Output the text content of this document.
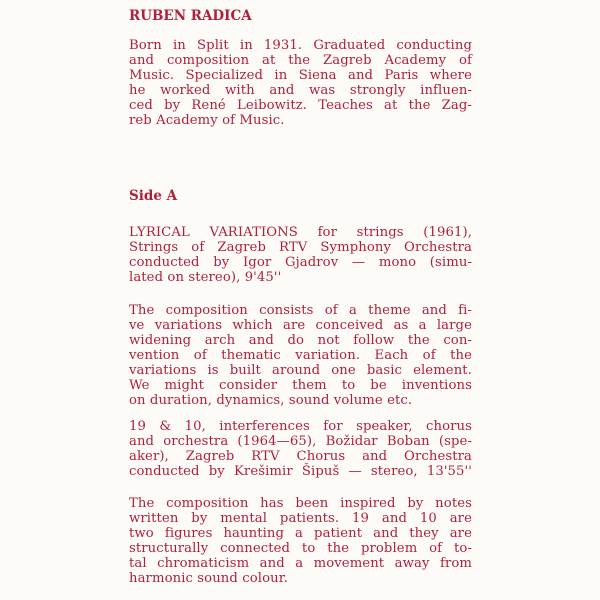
RUBEN RADICA

Born in Split in 1931. Graduated conducting
and composition at the Zagreb Academy of
Music. Specialized in Siena and Paris where
he worked with and was strongly influen-
ced by René Leibowitz. Teaches at the Zag-
reb Academy of Music.

Side A

LYRICAL VARIATIONS for strings (1961),
Strings of Zagreb RTV Symphony Orchestra
conducted by Igor Gjadrov — mono (simu-
lated on stereo), 9'45''

The composition consists of a theme and fi-
ve variations which are conceived as a large
widening arch and do not follow the con-
vention of thematic variation. Each of the
variations is built around one basic element.
We might consider them to be inventions
on duration, dynamics, sound volume etc.

19 & 10, interferences for speaker, chorus
and orchestra (1964—65), Božidar Boban (spe-
aker), Zagreb RTV Chorus and Orchestra
conducted by Krešimir Šipuš — stereo, 13'55''

The composition has been inspired by notes
written by mental patients. 19 and 10 are
two figures haunting a patient and they are
structurally connected to the problem of to-
tal chromaticism and a movement away from
harmonic sound colour.
